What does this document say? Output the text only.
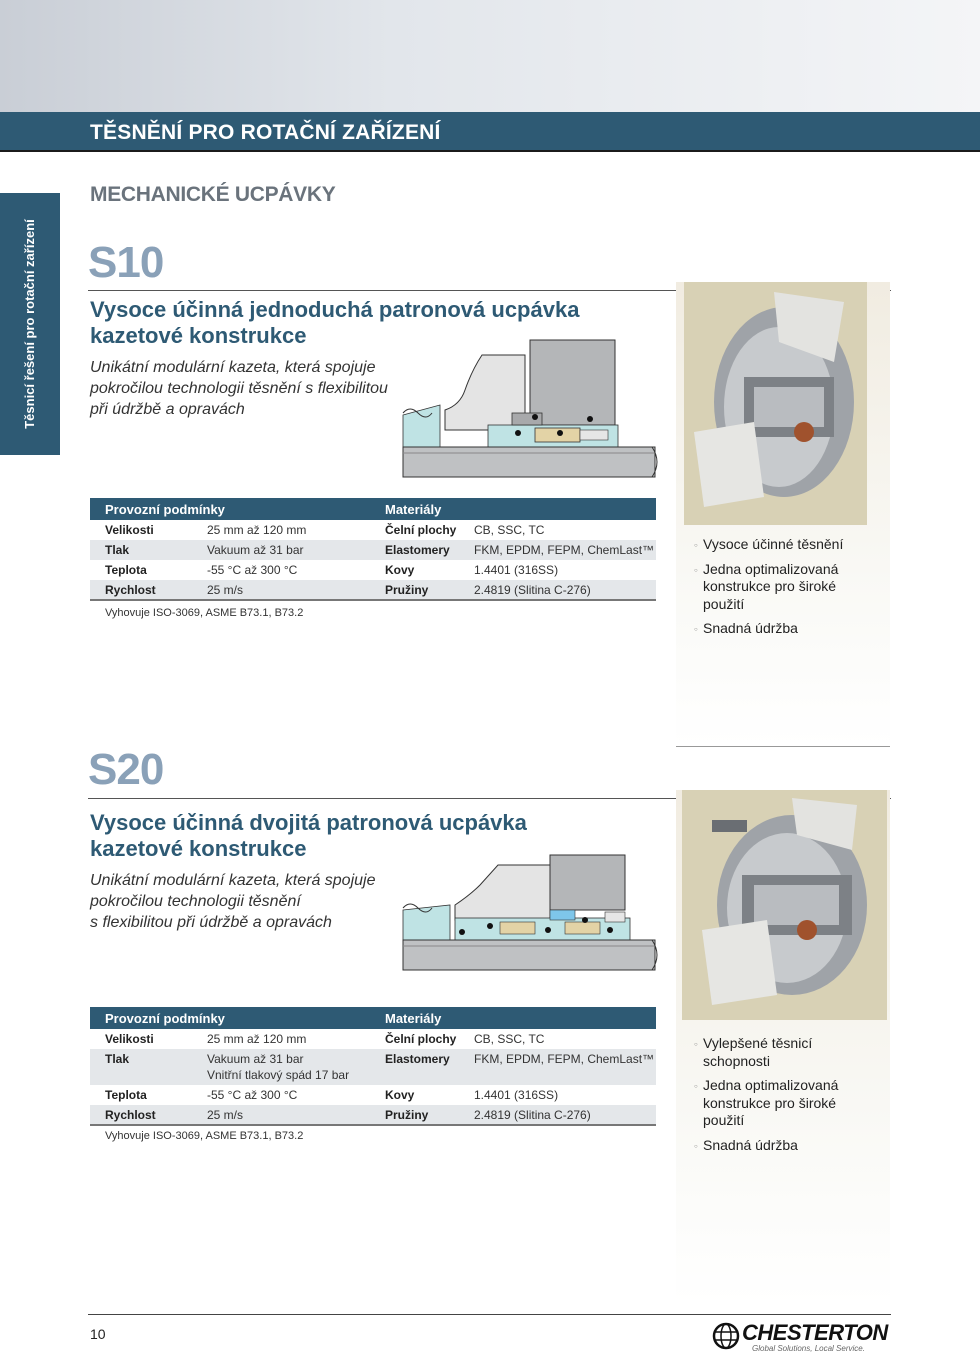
TĚSNĚNÍ PRO ROTAČNÍ ZAŘÍZENÍ
Těsnicí řešení pro rotační zařízení
MECHANICKÉ UCPÁVKY
S10
Vysoce účinná jednoduchá patronová ucpávka
kazetové konstrukce
Unikátní modulární kazeta, která spojuje
pokročilou technologii těsnění s flexibilitou
při údržbě a opravách
Provozní podmínky		Materiály	
Velikosti	25 mm až 120 mm	Čelní plochy	CB, SSC, TC
Tlak	Vakuum až 31 bar	Elastomery	FKM, EPDM, FEPM, ChemLast™
Teplota	-55 °C až 300 °C	Kovy	1.4401 (316SS)
Rychlost	25 m/s	Pružiny	2.4819 (Slitina C-276)
Vyhovuje ISO-3069, ASME B73.1, B73.2
○ Vysoce účinné těsnění
○ Jedna optimalizovaná konstrukce pro široké použití
○ Snadná údržba
S20
Vysoce účinná dvojitá patronová ucpávka
kazetové konstrukce
Unikátní modulární kazeta, která spojuje
pokročilou technologii těsnění
s flexibilitou při údržbě a opravách
Provozní podmínky		Materiály	
Velikosti	25 mm až 120 mm	Čelní plochy	CB, SSC, TC
Tlak	Vakuum až 31 bar
Vnitřní tlakový spád 17 bar	Elastomery	FKM, EPDM, FEPM, ChemLast™
Teplota	-55 °C až 300 °C	Kovy	1.4401 (316SS)
Rychlost	25 m/s	Pružiny	2.4819 (Slitina C-276)
Vyhovuje ISO-3069, ASME B73.1, B73.2
○ Vylepšené těsnicí schopnosti
○ Jedna optimalizovaná konstrukce pro široké použití
○ Snadná údržba
10	CHESTERTON
Global Solutions, Local Service.
